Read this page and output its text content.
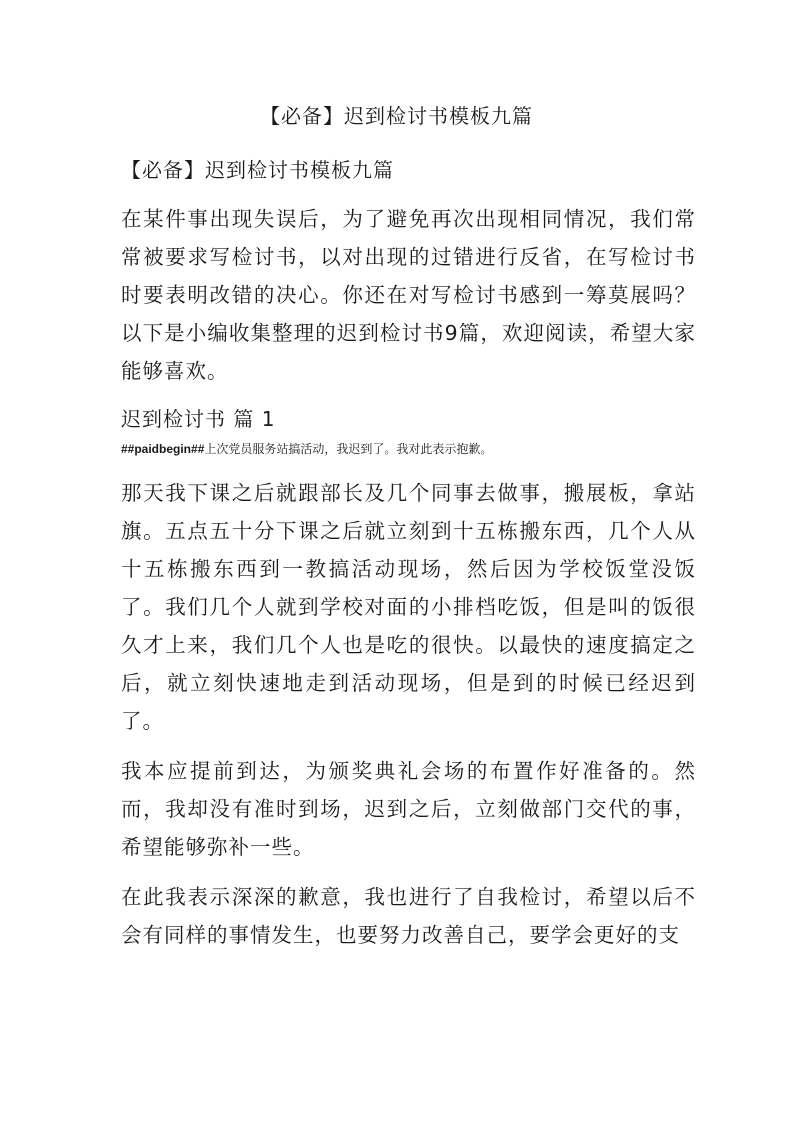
【必备】迟到检讨书模板九篇
【必备】迟到检讨书模板九篇

在某件事出现失误后，为了避免再次出现相同情况，我们常常被要求写检讨书，以对出现的过错进行反省，在写检讨书时要表明改错的决心。你还在对写检讨书感到一筹莫展吗？以下是小编收集整理的迟到检讨书9篇，欢迎阅读，希望大家能够喜欢。

迟到检讨书 篇 1

##paidbegin##上次党员服务站搞活动，我迟到了。我对此表示抱歉。

那天我下课之后就跟部长及几个同事去做事，搬展板，拿站旗。五点五十分下课之后就立刻到十五栋搬东西，几个人从十五栋搬东西到一教搞活动现场，然后因为学校饭堂没饭了。我们几个人就到学校对面的小排档吃饭，但是叫的饭很久才上来，我们几个人也是吃的很快。以最快的速度搞定之后，就立刻快速地走到活动现场，但是到的时候已经迟到了。

我本应提前到达，为颁奖典礼会场的布置作好准备的。然而，我却没有准时到场，迟到之后，立刻做部门交代的事，希望能够弥补一些。

在此我表示深深的歉意，我也进行了自我检讨，希望以后不会有同样的事情发生，也要努力改善自己，要学会更好的支
